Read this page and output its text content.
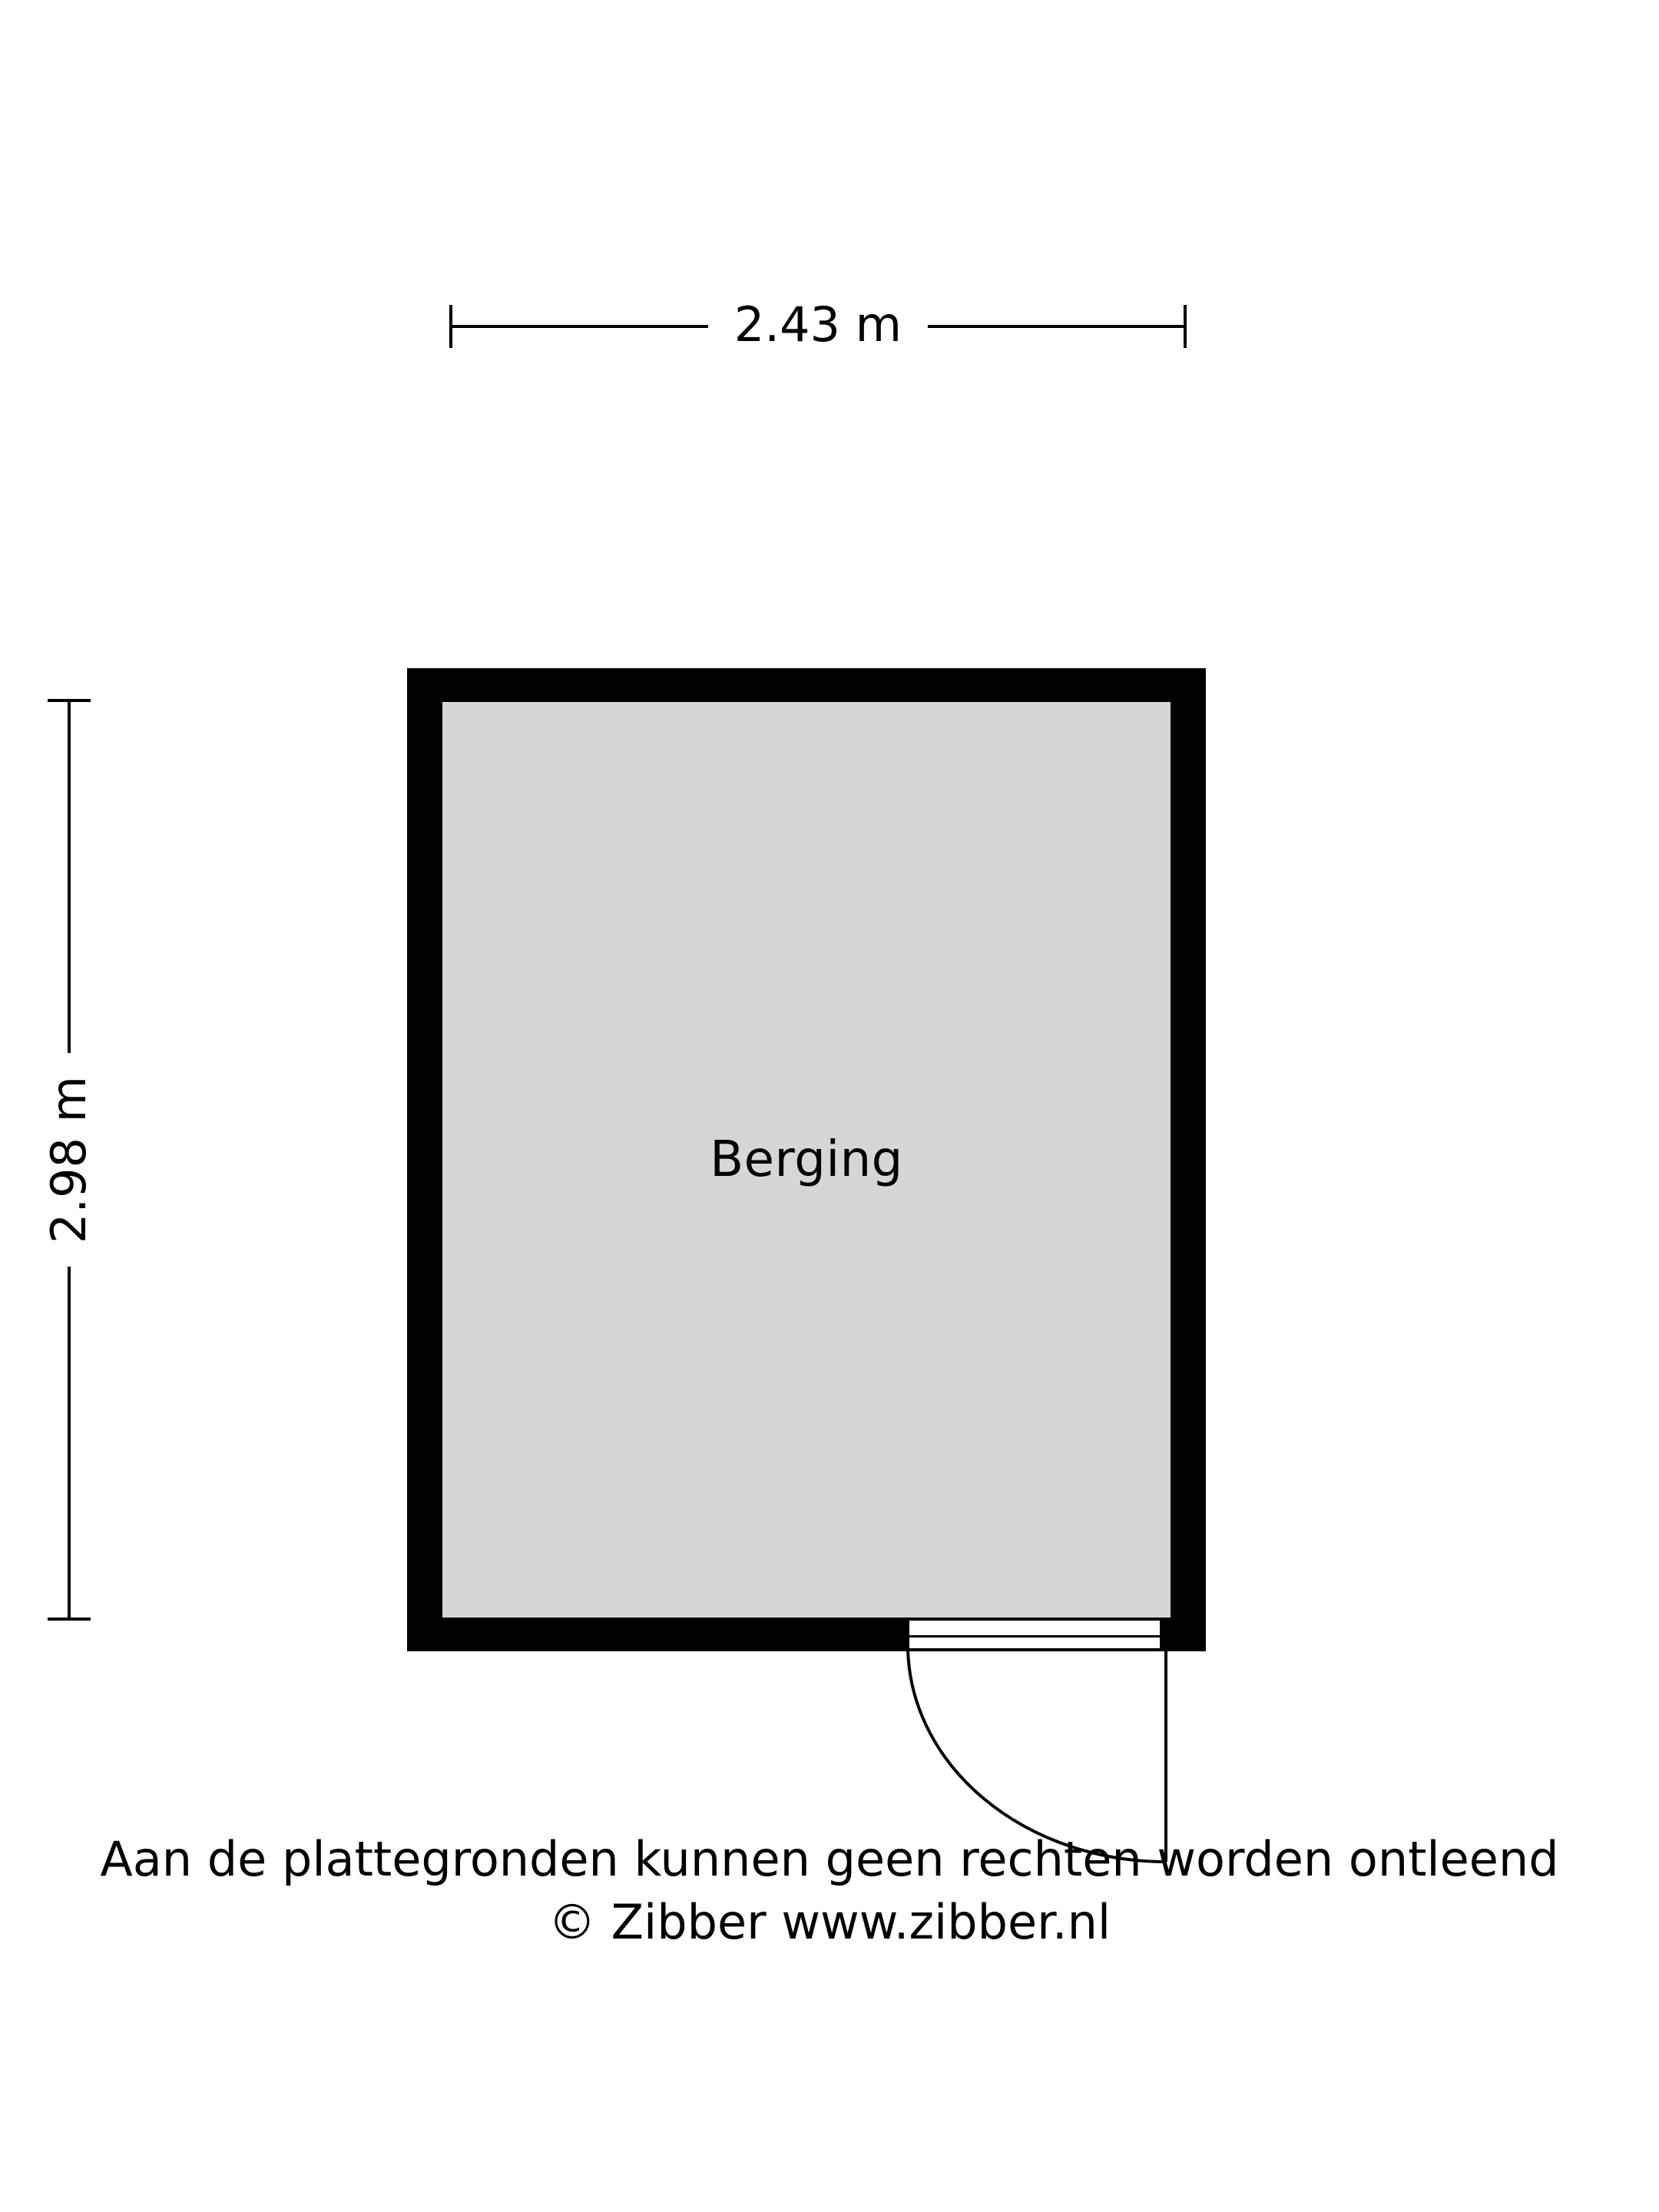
2.43 m
2.98 m	Berging
Aan de plattegronden kunnen geen rechten worden ontleend
© Zibber www.zibber.nl
